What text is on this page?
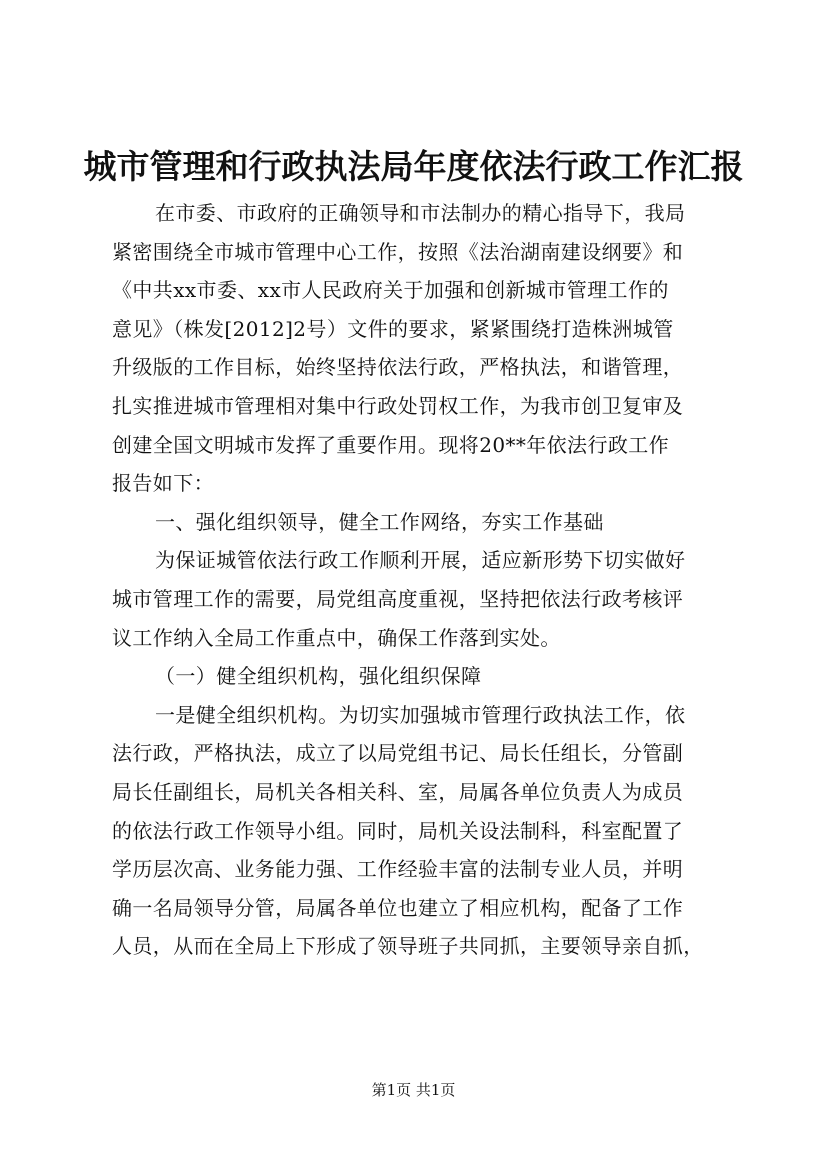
城市管理和行政执法局年度依法行政工作汇报
在市委、市政府的正确领导和市法制办的精心指导下，我局
紧密围绕全市城市管理中心工作，按照《法治湖南建设纲要》和
《中共xx市委、xx市人民政府关于加强和创新城市管理工作的
意见》（株发[2012]2号）文件的要求，紧紧围绕打造株洲城管
升级版的工作目标，始终坚持依法行政，严格执法，和谐管理，
扎实推进城市管理相对集中行政处罚权工作，为我市创卫复审及
创建全国文明城市发挥了重要作用。现将20**年依法行政工作
报告如下：
一、强化组织领导，健全工作网络，夯实工作基础
为保证城管依法行政工作顺利开展，适应新形势下切实做好
城市管理工作的需要，局党组高度重视，坚持把依法行政考核评
议工作纳入全局工作重点中，确保工作落到实处。
（一）健全组织机构，强化组织保障
一是健全组织机构。为切实加强城市管理行政执法工作，依
法行政，严格执法，成立了以局党组书记、局长任组长，分管副
局长任副组长，局机关各相关科、室，局属各单位负责人为成员
的依法行政工作领导小组。同时，局机关设法制科，科室配置了
学历层次高、业务能力强、工作经验丰富的法制专业人员，并明
确一名局领导分管，局属各单位也建立了相应机构，配备了工作
人员，从而在全局上下形成了领导班子共同抓，主要领导亲自抓，
第1页 共1页
